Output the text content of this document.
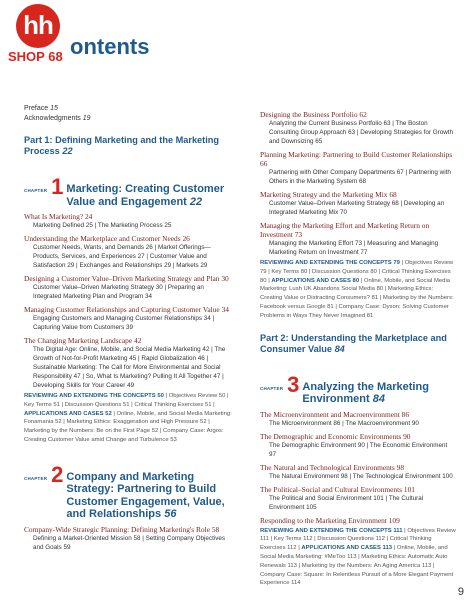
hh
SHOP 68 ontents
Preface 15
Acknowledgments 19
Part 1: Defining Marketing and the Marketing Process 22
CHAPTER 1 Marketing: Creating Customer Value and Engagement 22
What Is Marketing? 24
Marketing Defined 25 | The Marketing Process 25
Understanding the Marketplace and Customer Needs 26
Customer Needs, Wants, and Demands 26 | Market Offerings—Products, Services, and Experiences 27 | Customer Value and Satisfaction 29 | Exchanges and Relationships 29 | Markets 29
Designing a Customer Value–Driven Marketing Strategy and Plan 30
Customer Value–Driven Marketing Strategy 30 | Preparing an Integrated Marketing Plan and Program 34
Managing Customer Relationships and Capturing Customer Value 34
Engaging Customers and Managing Customer Relationships 34 | Capturing Value from Customers 39
The Changing Marketing Landscape 42
The Digital Age: Online, Mobile, and Social Media Marketing 42 | The Growth of Not-for-Profit Marketing 45 | Rapid Globalization 46 | Sustainable Marketing: The Call for More Environmental and Social Responsibility 47 | So, What Is Marketing? Pulling It All Together 47 | Developing Skills for Your Career 49
REVIEWING AND EXTENDING THE CONCEPTS 50 | Objectives Review 50 | Key Terms 51 | Discussion Questions 51 | Critical Thinking Exercises 51 | APPLICATIONS AND CASES 52 | Online, Mobile, and Social Media Marketing: Fonamania 52 | Marketing Ethics: Exaggeration and High Pressure 52 | Marketing by the Numbers: Be on the First Page 52 | Company Case: Argos: Creating Customer Value amid Change and Turbulence 53
CHAPTER 2 Company and Marketing Strategy: Partnering to Build Customer Engagement, Value, and Relationships 56
Company-Wide Strategic Planning: Defining Marketing's Role 58
Defining a Market-Oriented Mission 58 | Setting Company Objectives and Goals 59
Designing the Business Portfolio 62
Analyzing the Current Business Portfolio 63 | The Boston Consulting Group Approach 63 | Developing Strategies for Growth and Downsizing 65
Planning Marketing: Partnering to Build Customer Relationships 66
Partnering with Other Company Departments 67 | Partnering with Others in the Marketing System 68
Marketing Strategy and the Marketing Mix 68
Customer Value–Driven Marketing Strategy 68 | Developing an Integrated Marketing Mix 70
Managing the Marketing Effort and Marketing Return on Investment 73
Managing the Marketing Effort 73 | Measuring and Managing Marketing Return on Investment 77
REVIEWING AND EXTENDING THE CONCEPTS 79 | Objectives Review 79 | Key Terms 80 | Discussion Questions 80 | Critical Thinking Exercises 80 | APPLICATIONS AND CASES 80 | Online, Mobile, and Social Media Marketing: Lush UK Abandons Social Media 80 | Marketing Ethics: Creating Value or Distracting Consumers? 81 | Marketing by the Numbers: Facebook versus Google 81 | Company Case: Dyson: Solving Customer Problems in Ways They Never Imagined 81
Part 2: Understanding the Marketplace and Consumer Value 84
CHAPTER 3 Analyzing the Marketing Environment 84
The Microenvironment and Macroenvironment 86
The Microenvironment 86 | The Macroenvironment 90
The Demographic and Economic Environments 90
The Demographic Environment 90 | The Economic Environment 97
The Natural and Technological Environments 98
The Natural Environment 98 | The Technological Environment 100
The Political–Social and Cultural Environments 101
The Political and Social Environment 101 | The Cultural Environment 105
Responding to the Marketing Environment 109
REVIEWING AND EXTENDING THE CONCEPTS 111 | Objectives Review 111 | Key Terms 112 | Discussion Questions 112 | Critical Thinking Exercises 112 | APPLICATIONS AND CASES 113 | Online, Mobile, and Social Media Marketing: #MeToo 113 | Marketing Ethics: Automatic Auto Renewals 113 | Marketing by the Numbers: An Aging America 113 | Company Case: Square: In Relentless Pursuit of a More Elegant Payment Experience 114
9
